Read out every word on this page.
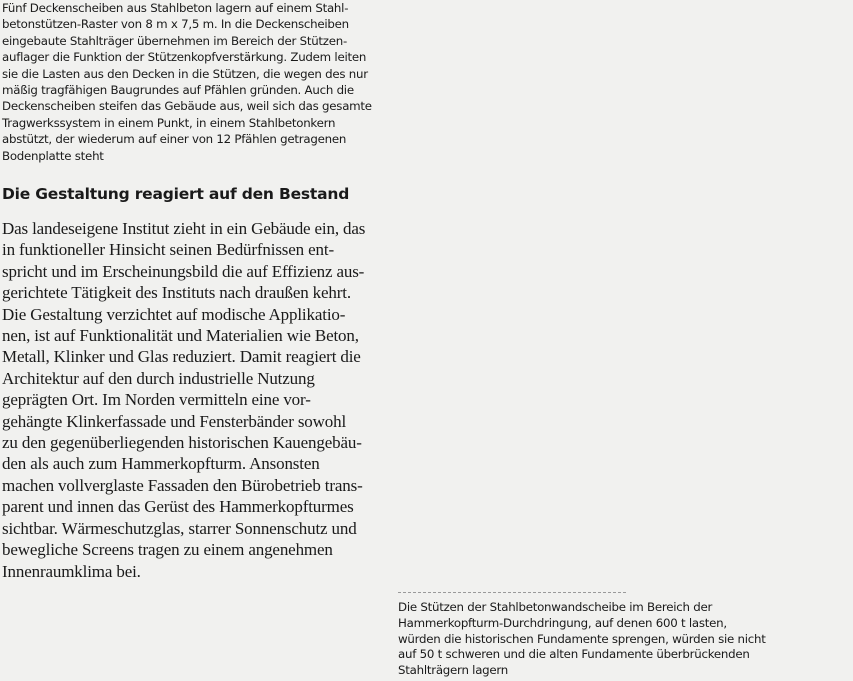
Fünf Deckenscheiben aus Stahlbeton lagern auf einem Stahl-
betonstützen-Raster von 8 m x 7,5 m. In die Deckenscheiben
eingebaute Stahlträger übernehmen im Bereich der Stützen-
auflager die Funktion der Stützenkopfverstärkung. Zudem leiten
sie die Lasten aus den Decken in die Stützen, die wegen des nur
mäßig tragfähigen Baugrundes auf Pfählen gründen. Auch die
Deckenscheiben steifen das Gebäude aus, weil sich das gesamte
Tragwerkssystem in einem Punkt, in einem Stahlbetonkern
abstützt, der wiederum auf einer von 12 Pfählen getragenen
Bodenplatte steht
Die Gestaltung reagiert auf den Bestand
Das landeseigene Institut zieht in ein Gebäude ein, das
in funktioneller Hinsicht seinen Bedürfnissen ent-
spricht und im Erscheinungsbild die auf Effizienz aus-
gerichtete Tätigkeit des Instituts nach draußen kehrt.
Die Gestaltung verzichtet auf modische Applikatio-
nen, ist auf Funktionalität und Materialien wie Beton,
Metall, Klinker und Glas reduziert. Damit reagiert die
Architektur auf den durch industrielle Nutzung
geprägten Ort. Im Norden vermitteln eine vor-
gehängte Klinkerfassade und Fensterbänder sowohl
zu den gegenüberliegenden historischen Kauengebäu-
den als auch zum Hammerkopfturm. Ansonsten
machen vollverglaste Fassaden den Bürobetrieb trans-
parent und innen das Gerüst des Hammerkopfturmes
sichtbar. Wärmeschutzglas, starrer Sonnenschutz und
bewegliche Screens tragen zu einem angenehmen
Innenraumklima bei.
Die Stützen der Stahlbetonwandscheibe im Bereich der
Hammerkopfturm-Durchdringung, auf denen 600 t lasten,
würden die historischen Fundamente sprengen, würden sie nicht
auf 50 t schweren und die alten Fundamente überbrückenden
Stahlträgern lagern
